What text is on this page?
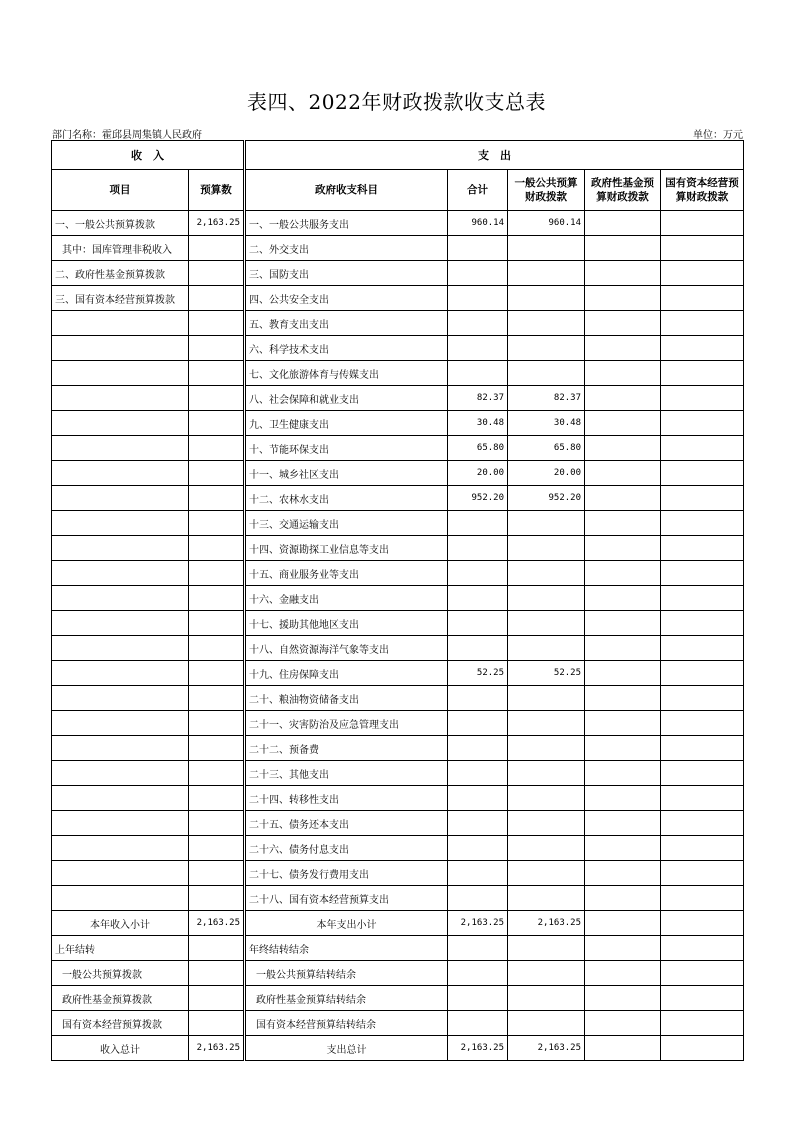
表四、2022年财政拨款收支总表
部门名称：霍邱县周集镇人民政府	单位：万元
收　入		支　出				
项目	预算数	政府收支科目	合计	一般公共预算财政拨款	政府性基金预算财政拨款	国有资本经营预算财政拨款
一、一般公共预算拨款	2,163.25	一、一般公共服务支出	960.14	960.14		
其中：国库管理非税收入		二、外交支出				
二、政府性基金预算拨款		三、国防支出				
三、国有资本经营预算拨款		四、公共安全支出				
		五、教育支出支出				
		六、科学技术支出				
		七、文化旅游体育与传媒支出				
		八、社会保障和就业支出	82.37	82.37		
		九、卫生健康支出	30.48	30.48		
		十、节能环保支出	65.80	65.80		
		十一、城乡社区支出	20.00	20.00		
		十二、农林水支出	952.20	952.20		
		十三、交通运输支出				
		十四、资源勘探工业信息等支出				
		十五、商业服务业等支出				
		十六、金融支出				
		十七、援助其他地区支出				
		十八、自然资源海洋气象等支出				
		十九、住房保障支出	52.25	52.25		
		二十、粮油物资储备支出				
		二十一、灾害防治及应急管理支出				
		二十二、预备费				
		二十三、其他支出				
		二十四、转移性支出				
		二十五、债务还本支出				
		二十六、债务付息支出				
		二十七、债务发行费用支出				
		二十八、国有资本经营预算支出				
本年收入小计	2,163.25	本年支出小计	2,163.25	2,163.25		
上年结转		年终结转结余				
一般公共预算拨款		一般公共预算结转结余				
政府性基金预算拨款		政府性基金预算结转结余				
国有资本经营预算拨款		国有资本经营预算结转结余				
收入总计	2,163.25	支出总计	2,163.25	2,163.25		
